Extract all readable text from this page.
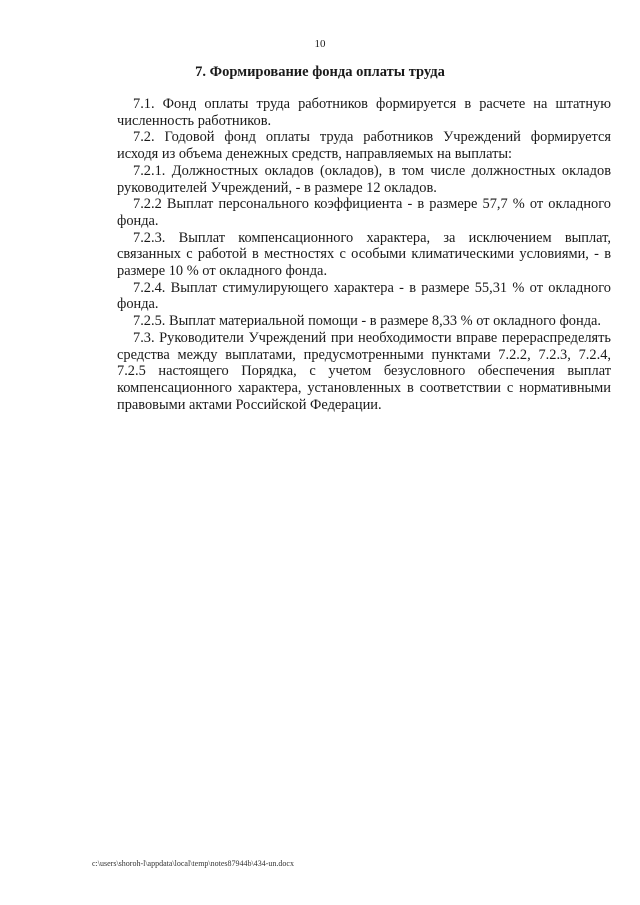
10
7. Формирование фонда оплаты труда

7.1. Фонд оплаты труда работников формируется в расчете на штатную численность работников.

7.2. Годовой фонд оплаты труда работников Учреждений формируется исходя из объема денежных средств, направляемых на выплаты:

7.2.1. Должностных окладов (окладов), в том числе должностных окладов руководителей Учреждений, - в размере 12 окладов.

7.2.2 Выплат персонального коэффициента - в размере 57,7 % от окладного фонда.

7.2.3. Выплат компенсационного характера, за исключением выплат, связанных с работой в местностях с особыми климатическими условиями, - в размере 10 % от окладного фонда.

7.2.4. Выплат стимулирующего характера - в размере 55,31 % от окладного фонда.

7.2.5. Выплат материальной помощи - в размере 8,33 % от окладного фонда.

7.3. Руководители Учреждений при необходимости вправе перераспределять средства между выплатами, предусмотренными пунктами 7.2.2, 7.2.3, 7.2.4, 7.2.5 настоящего Порядка, с учетом безусловного обеспечения выплат компенсационного характера, установленных в соответствии с нормативными правовыми актами Российской Федерации.

c:\users\shoroh-l\appdata\local\temp\notes87944b\434-un.docx
